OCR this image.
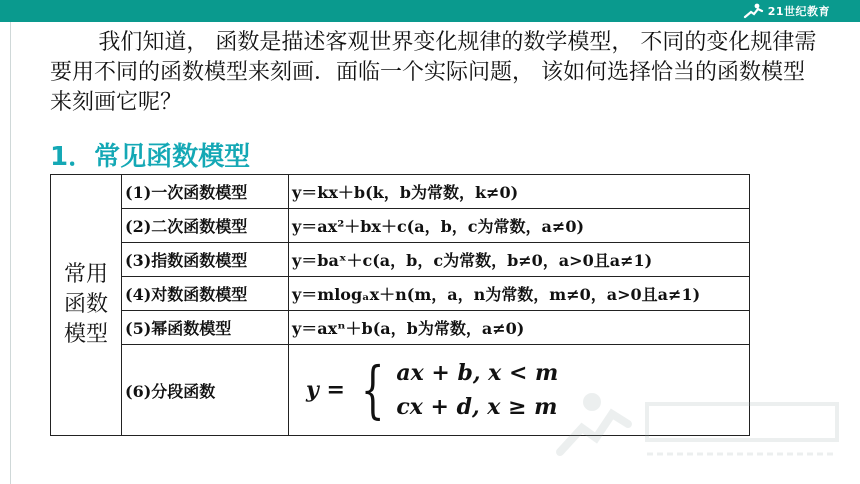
21世纪教育
我们知道， 函数是描述客观世界变化规律的数学模型， 不同的变化规律需要用不同的函数模型来刻画．面临一个实际问题， 该如何选择恰当的函数模型来刻画它呢？
1．常见函数模型
常用
函数
模型	(1)一次函数模型	y＝kx＋b(k，b为常数，k≠0)
	(2)二次函数模型	y＝ax²＋bx＋c(a，b，c为常数，a≠0)
	(3)指数函数模型	y＝baˣ＋c(a，b，c为常数，b≠0，a>0且a≠1)
	(4)对数函数模型	y＝mlogₐx＋n(m，a，n为常数，m≠0，a>0且a≠1)
	(5)幂函数模型	y＝axⁿ＋b(a，b为常数，a≠0)
	(6)分段函数	y = { ax + b, x < m
cx + d, x ≥ m
